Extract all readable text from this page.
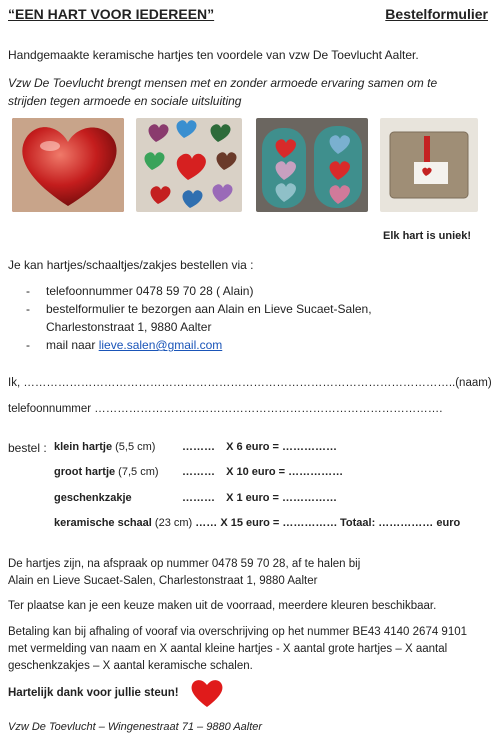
“EEN HART VOOR IEDEREEN”	Bestelformulier
Handgemaakte keramische hartjes ten voordele van vzw De Toevlucht Aalter.
Vzw De Toevlucht brengt mensen met en zonder armoede ervaring samen om te
strijden tegen armoede en sociale uitsluiting
Elk hart is uniek!
Je kan hartjes/schaaltjes/zakjes bestellen via :
- telefoonnummer 0478 59 70 28 ( Alain)
- bestelformulier te bezorgen aan Alain en Lieve Sucaet-Salen,
Charlestonstraat 1, 9880 Aalter
- mail naar lieve.salen@gmail.com
Ik, …………………………………………………………………………………………………..(naam)
telefoonnummer ……………………………………………………………………………….
bestel : klein hartje (5,5 cm) ……… X 6 euro = ……………
groot hartje (7,5 cm) ……… X 10 euro = ……………
geschenkzakje	……… X 1 euro = ……………
keramische schaal (23 cm) …… X 15 euro = …………… Totaal: …………… euro
De hartjes zijn, na afspraak op nummer 0478 59 70 28, af te halen bij
Alain en Lieve Sucaet-Salen, Charlestonstraat 1, 9880 Aalter
Ter plaatse kan je een keuze maken uit de voorraad, meerdere kleuren beschikbaar.
Betaling kan bij afhaling of vooraf via overschrijving op het nummer BE43 4140 2674 9101
met vermelding van naam en X aantal kleine hartjes - X aantal grote hartjes – X aantal
geschenkzakjes – X aantal keramische schalen.
Hartelijk dank voor jullie steun!
Vzw De Toevlucht – Wingenestraat 71 – 9880 Aalter
